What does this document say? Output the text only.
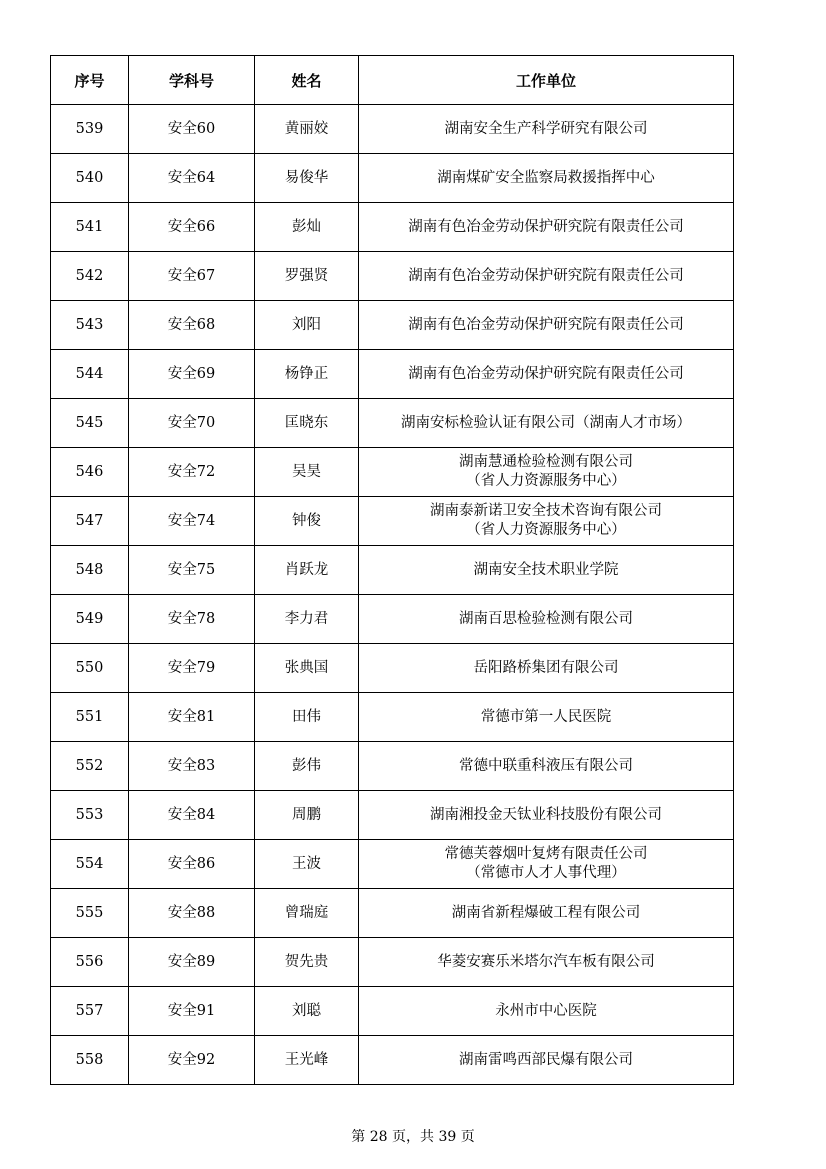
序号	学科号	姓名	工作单位
539	安全60	黄丽姣	湖南安全生产科学研究有限公司

540	安全64	易俊华	湖南煤矿安全监察局救援指挥中心

541	安全66	彭灿	湖南有色冶金劳动保护研究院有限责任公司

542	安全67	罗强贤	湖南有色冶金劳动保护研究院有限责任公司

543	安全68	刘阳	湖南有色冶金劳动保护研究院有限责任公司

544	安全69	杨铮正	湖南有色冶金劳动保护研究院有限责任公司

545	安全70	匡晓东	湖南安标检验认证有限公司（湖南人才市场）

546	安全72	吴昊	湖南慧通检验检测有限公司
（省人力资源服务中心）

547	安全74	钟俊	湖南泰新诺卫安全技术咨询有限公司
（省人力资源服务中心）

548	安全75	肖跃龙	湖南安全技术职业学院

549	安全78	李力君	湖南百思检验检测有限公司

550	安全79	张典国	岳阳路桥集团有限公司

551	安全81	田伟	常德市第一人民医院

552	安全83	彭伟	常德中联重科液压有限公司

553	安全84	周鹏	湖南湘投金天钛业科技股份有限公司

554	安全86	王波	常德芙蓉烟叶复烤有限责任公司
（常德市人才人事代理）

555	安全88	曾瑞庭	湖南省新程爆破工程有限公司

556	安全89	贺先贵	华菱安赛乐米塔尔汽车板有限公司

557	安全91	刘聪	永州市中心医院

558	安全92	王光峰	湖南雷鸣西部民爆有限公司
第 28 页，共 39 页
